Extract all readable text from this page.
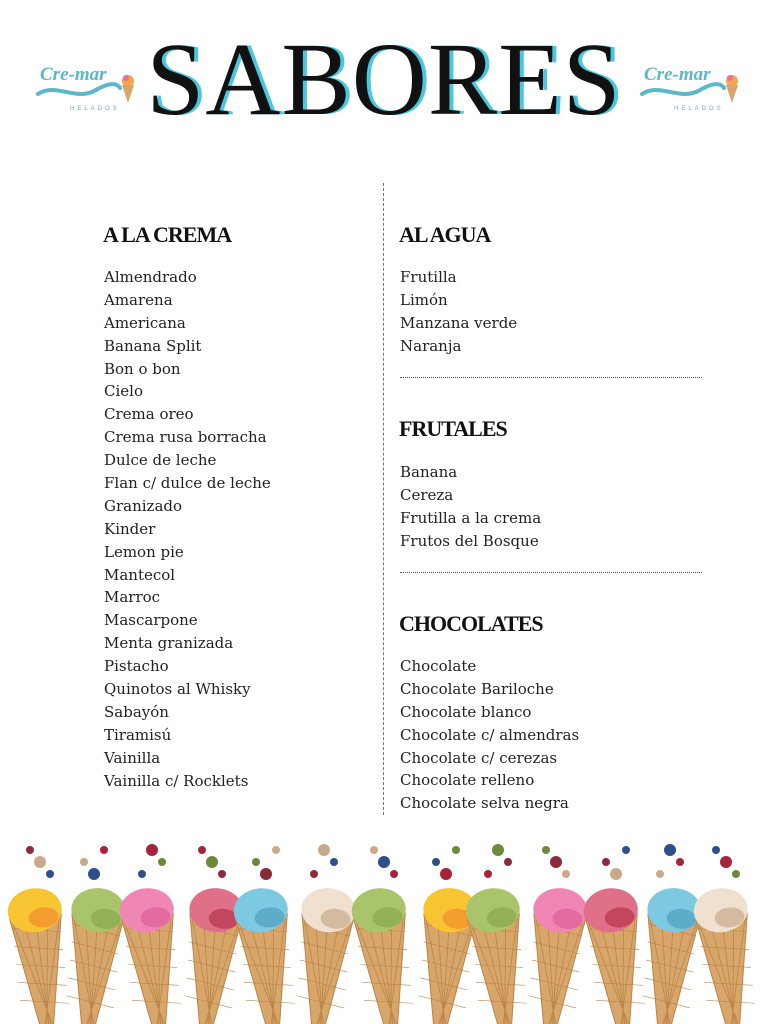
Cre-mar
HELADOS SABORES	Cre-mar
HELADOS
A LA CREMA
Almendrado
Amarena
Americana
Banana Split
Bon o bon
Cielo
Crema oreo
Crema rusa borracha
Dulce de leche
Flan c/ dulce de leche
Granizado
Kinder
Lemon pie
Mantecol
Marroc
Mascarpone
Menta granizada
Pistacho
Quinotos al Whisky
Sabayón
Tiramisú
Vainilla
Vainilla c/ Rocklets
AL AGUA
Frutilla
Limón
Manzana verde
Naranja
FRUTALES
Banana
Cereza
Frutilla a la crema
Frutos del Bosque
CHOCOLATES
Chocolate
Chocolate Bariloche
Chocolate blanco
Chocolate c/ almendras
Chocolate c/ cerezas
Chocolate relleno
Chocolate selva negra
